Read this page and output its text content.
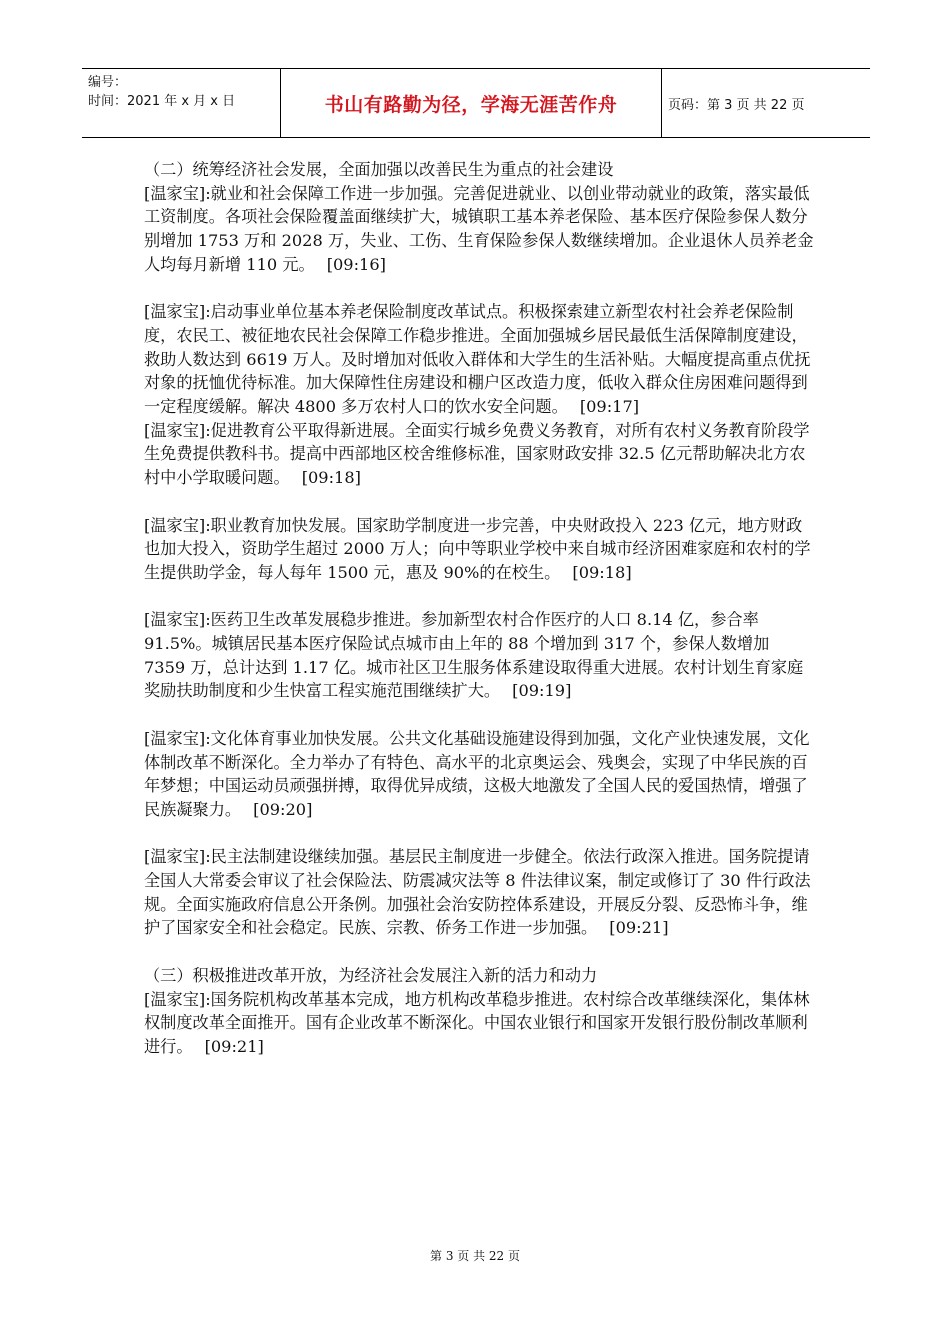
编号：
时间：2021 年 x 月 x 日	书山有路勤为径，学海无涯苦作舟	页码：第 3 页 共 22 页

（二）统筹经济社会发展，全面加强以改善民生为重点的社会建设

[温家宝]:就业和社会保障工作进一步加强。完善促进就业、以创业带动就业的政策，落实最低工资制度。各项社会保险覆盖面继续扩大，城镇职工基本养老保险、基本医疗保险参保人数分别增加 1753 万和 2028 万，失业、工伤、生育保险参保人数继续增加。企业退休人员养老金人均每月新增 110 元。 [09:16]

[温家宝]:启动事业单位基本养老保险制度改革试点。积极探索建立新型农村社会养老保险制度，农民工、被征地农民社会保障工作稳步推进。全面加强城乡居民最低生活保障制度建设，救助人数达到 6619 万人。及时增加对低收入群体和大学生的生活补贴。大幅度提高重点优抚对象的抚恤优待标准。加大保障性住房建设和棚户区改造力度，低收入群众住房困难问题得到一定程度缓解。解决 4800 多万农村人口的饮水安全问题。 [09:17]

[温家宝]:促进教育公平取得新进展。全面实行城乡免费义务教育，对所有农村义务教育阶段学生免费提供教科书。提高中西部地区校舍维修标准，国家财政安排 32.5 亿元帮助解决北方农村中小学取暖问题。 [09:18]

[温家宝]:职业教育加快发展。国家助学制度进一步完善，中央财政投入 223 亿元，地方财政也加大投入，资助学生超过 2000 万人；向中等职业学校中来自城市经济困难家庭和农村的学生提供助学金，每人每年 1500 元，惠及 90%的在校生。 [09:18]

[温家宝]:医药卫生改革发展稳步推进。参加新型农村合作医疗的人口 8.14 亿，参合率 91.5%。城镇居民基本医疗保险试点城市由上年的 88 个增加到 317 个，参保人数增加 7359 万，总计达到 1.17 亿。城市社区卫生服务体系建设取得重大进展。农村计划生育家庭奖励扶助制度和少生快富工程实施范围继续扩大。 [09:19]

[温家宝]:文化体育事业加快发展。公共文化基础设施建设得到加强，文化产业快速发展，文化体制改革不断深化。全力举办了有特色、高水平的北京奥运会、残奥会，实现了中华民族的百年梦想；中国运动员顽强拼搏，取得优异成绩，这极大地激发了全国人民的爱国热情，增强了民族凝聚力。 [09:20]

[温家宝]:民主法制建设继续加强。基层民主制度进一步健全。依法行政深入推进。国务院提请全国人大常委会审议了社会保险法、防震减灾法等 8 件法律议案，制定或修订了 30 件行政法规。全面实施政府信息公开条例。加强社会治安防控体系建设，开展反分裂、反恐怖斗争，维护了国家安全和社会稳定。民族、宗教、侨务工作进一步加强。 [09:21]

（三）积极推进改革开放，为经济社会发展注入新的活力和动力

[温家宝]:国务院机构改革基本完成，地方机构改革稳步推进。农村综合改革继续深化，集体林权制度改革全面推开。国有企业改革不断深化。中国农业银行和国家开发银行股份制改革顺利进行。 [09:21]

第 3 页 共 22 页
